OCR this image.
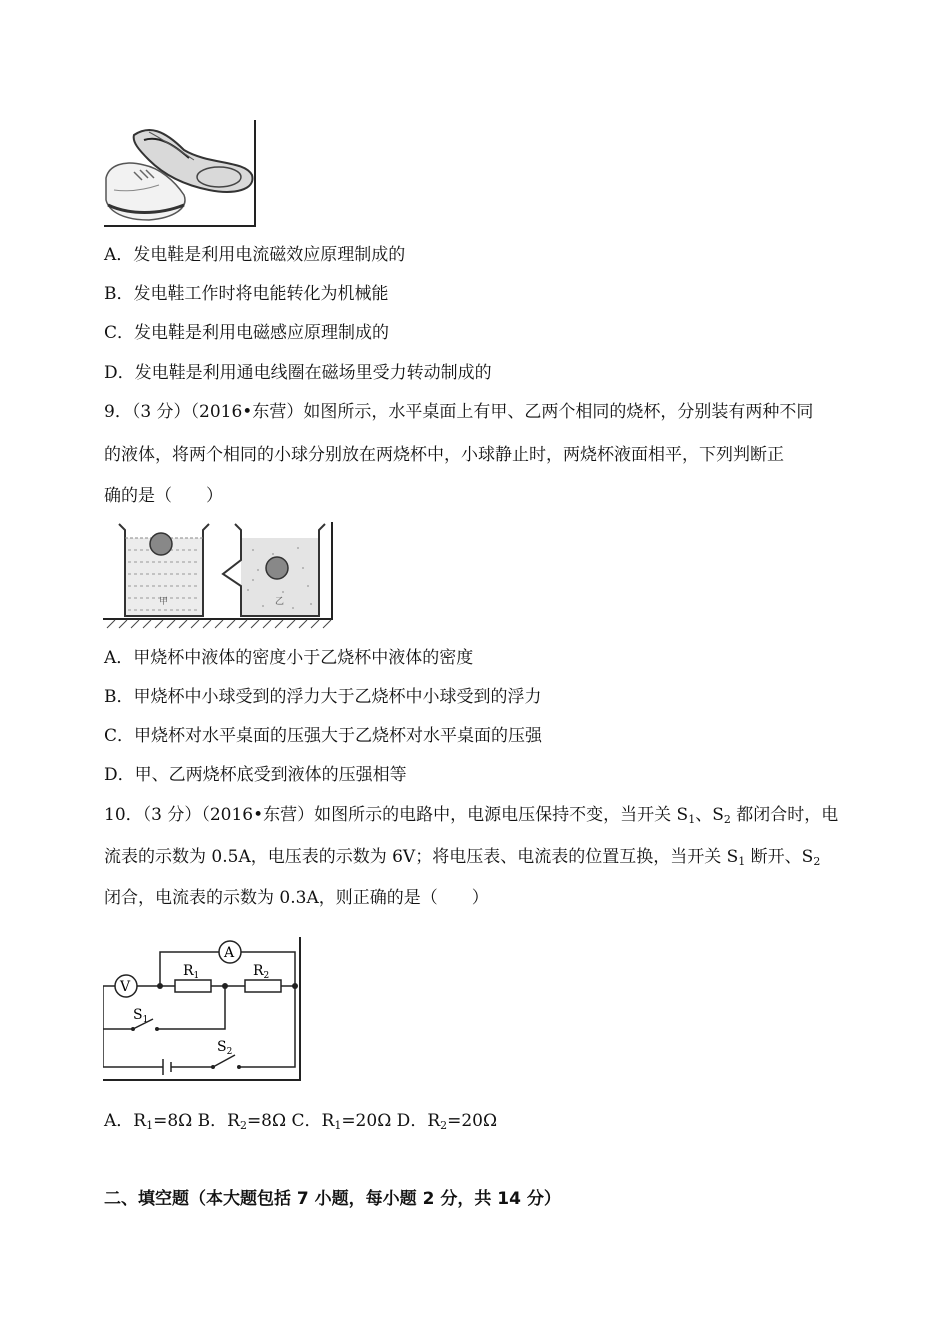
A．发电鞋是利用电流磁效应原理制成的
B．发电鞋工作时将电能转化为机械能
C．发电鞋是利用电磁感应原理制成的
D．发电鞋是利用通电线圈在磁场里受力转动制成的
9．（3 分）（2016•东营）如图所示，水平桌面上有甲、乙两个相同的烧杯，分别装有两种不同
的液体，将两个相同的小球分别放在两烧杯中，小球静止时，两烧杯液面相平，下列判断正
确的是（　　）
甲	乙
A．甲烧杯中液体的密度小于乙烧杯中液体的密度
B．甲烧杯中小球受到的浮力大于乙烧杯中小球受到的浮力
C．甲烧杯对水平桌面的压强大于乙烧杯对水平桌面的压强
D．甲、乙两烧杯底受到液体的压强相等
10．（3 分）（2016•东营）如图所示的电路中，电源电压保持不变，当开关 $S_1$、$S_2$ 都闭合时，电
流表的示数为 0.5A，电压表的示数为 6V；将电压表、电流表的位置互换，当开关 $S_1$ 断开、$S_2$
闭合，电流表的示数为 0.3A，则正确的是（　　）
A
V
$R_1$	$R_2$
$S_1$
$S_2$
A．$R_1=8\Omega$ B．$R_2=8\Omega$ C．$R_1=20\Omega$ D．$R_2=20\Omega$
二、填空题（本大题包括 7 小题，每小题 2 分，共 14 分）
